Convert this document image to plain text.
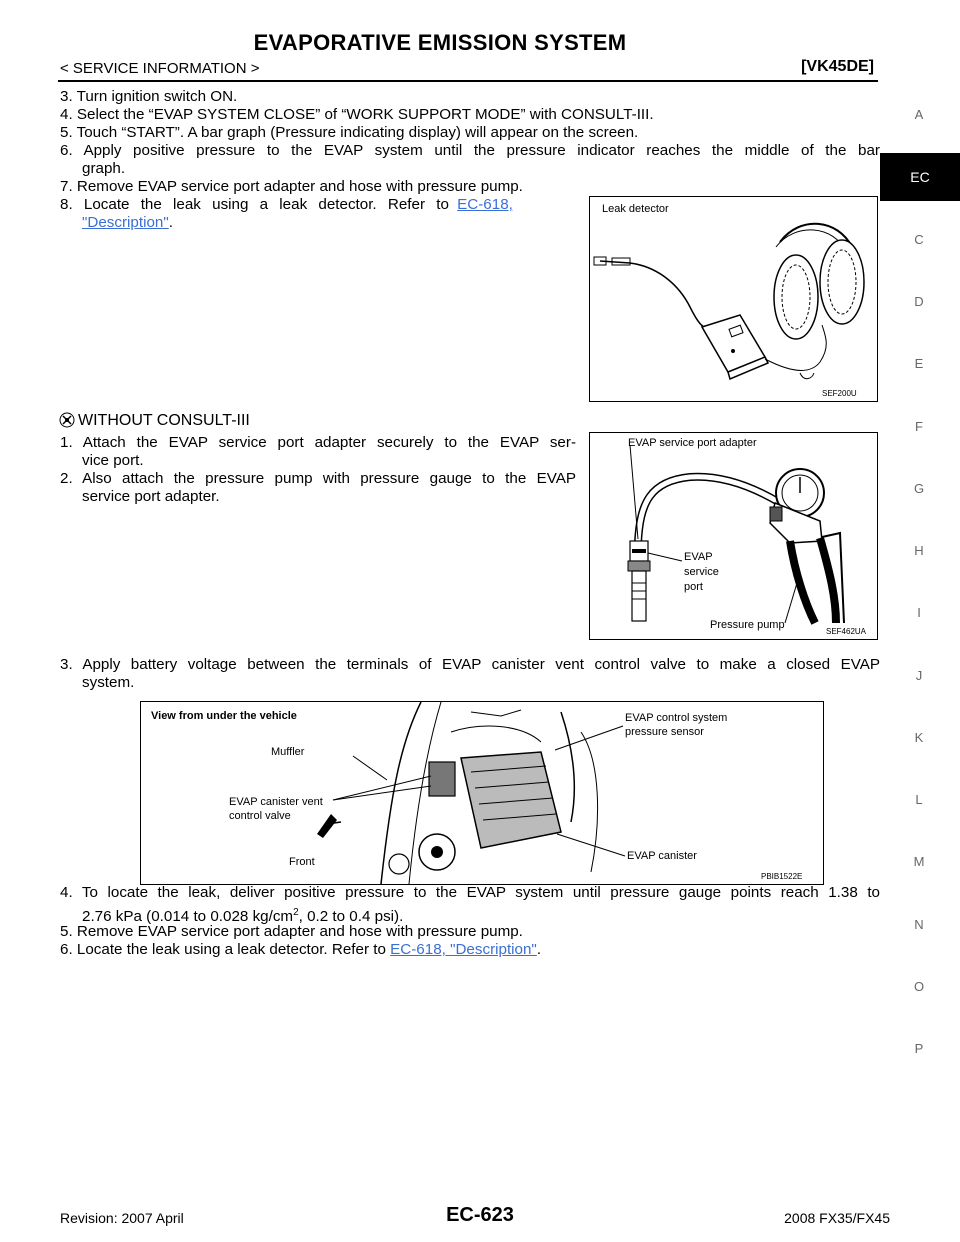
EVAPORATIVE EMISSION SYSTEM
< SERVICE INFORMATION >	[VK45DE]
A
EC
C
D
E
F
G
H
I
J
K
L
M
N
O
P
3. Turn ignition switch ON.
4. Select the “EVAP SYSTEM CLOSE” of “WORK SUPPORT MODE” with CONSULT-III.
5. Touch “START”. A bar graph (Pressure indicating display) will appear on the screen.
6. Apply positive pressure to the EVAP system until the pressure indicator reaches the middle of the bar
graph.
7. Remove EVAP service port adapter and hose with pressure pump.
8. Locate the leak using a leak detector. Refer to EC-618,
"Description".
Leak detector
SEF200U
WITHOUT CONSULT-III
1. Attach the EVAP service port adapter securely to the EVAP ser-
vice port.
2. Also attach the pressure pump with pressure gauge to the EVAP
service port adapter.
EVAP service port adapter
EVAP
service
port
Pressure pump
SEF462UA
3. Apply battery voltage between the terminals of EVAP canister vent control valve to make a closed EVAP
system.
View from under the vehicle
Muffler
EVAP canister vent
control valve
Front
EVAP control system
pressure sensor
EVAP canister
PBIB1522E
4. To locate the leak, deliver positive pressure to the EVAP system until pressure gauge points reach 1.38 to
2.76 kPa (0.014 to 0.028 $kg/cm^2$, 0.2 to 0.4 psi).
5. Remove EVAP service port adapter and hose with pressure pump.
6. Locate the leak using a leak detector. Refer to EC-618, "Description".
Revision: 2007 April	EC-623	2008 FX35/FX45
